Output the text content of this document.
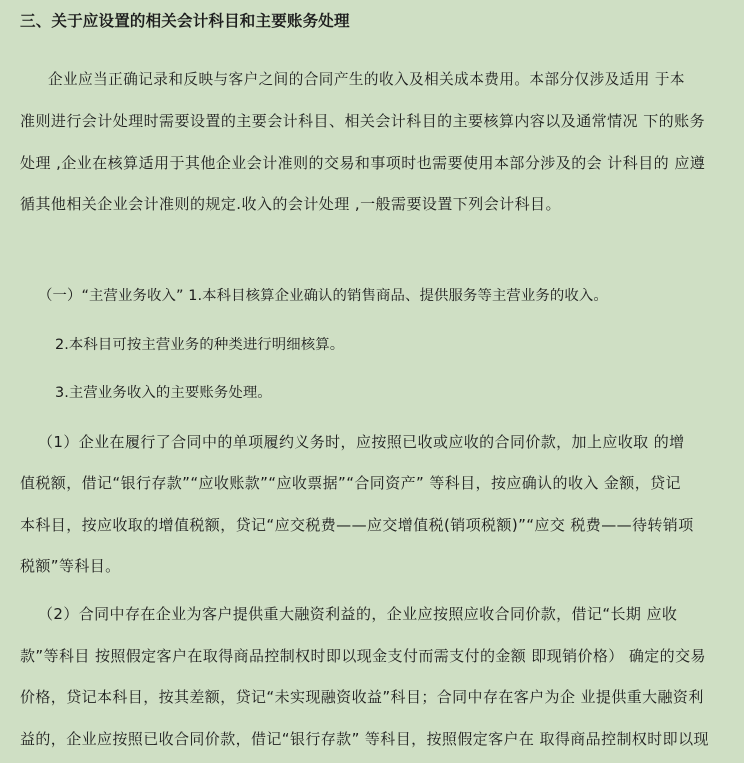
三、关于应设置的相关会计科目和主要账务处理
企业应当正确记录和反映与客户之间的合同产生的收入及相关成本费用。本部分仅涉及适用 于本
准则进行会计处理时需要设置的主要会计科目、相关会计科目的主要核算内容以及通常情况 下的账务
处理 ,企业在核算适用于其他企业会计准则的交易和事项时也需要使用本部分涉及的会 计科目的 应遵
循其他相关企业会计准则的规定.收入的会计处理 ,一般需要设置下列会计科目。
（一）“主营业务收入” 1.本科目核算企业确认的销售商品、提供服务等主营业务的收入。
2.本科目可按主营业务的种类进行明细核算。
3.主营业务收入的主要账务处理。
（1）企业在履行了合同中的单项履约义务时，应按照已收或应收的合同价款，加上应收取 的增
值税额，借记“银行存款”“应收账款”“应收票据”“合同资产” 等科目，按应确认的收入 金额，贷记
本科目，按应收取的增值税额，贷记“应交税费——应交增值税(销项税额)”“应交 税费——待转销项
税额”等科目。
（2）合同中存在企业为客户提供重大融资利益的，企业应按照应收合同价款，借记“长期 应收
款”等科目 按照假定客户在取得商品控制权时即以现金支付而需支付的金额 即现销价格） 确定的交易
价格，贷记本科目，按其差额，贷记“未实现融资收益”科目；合同中存在客户为企 业提供重大融资利
益的，企业应按照已收合同价款，借记“银行存款” 等科目，按照假定客户在 取得商品控制权时即以现
